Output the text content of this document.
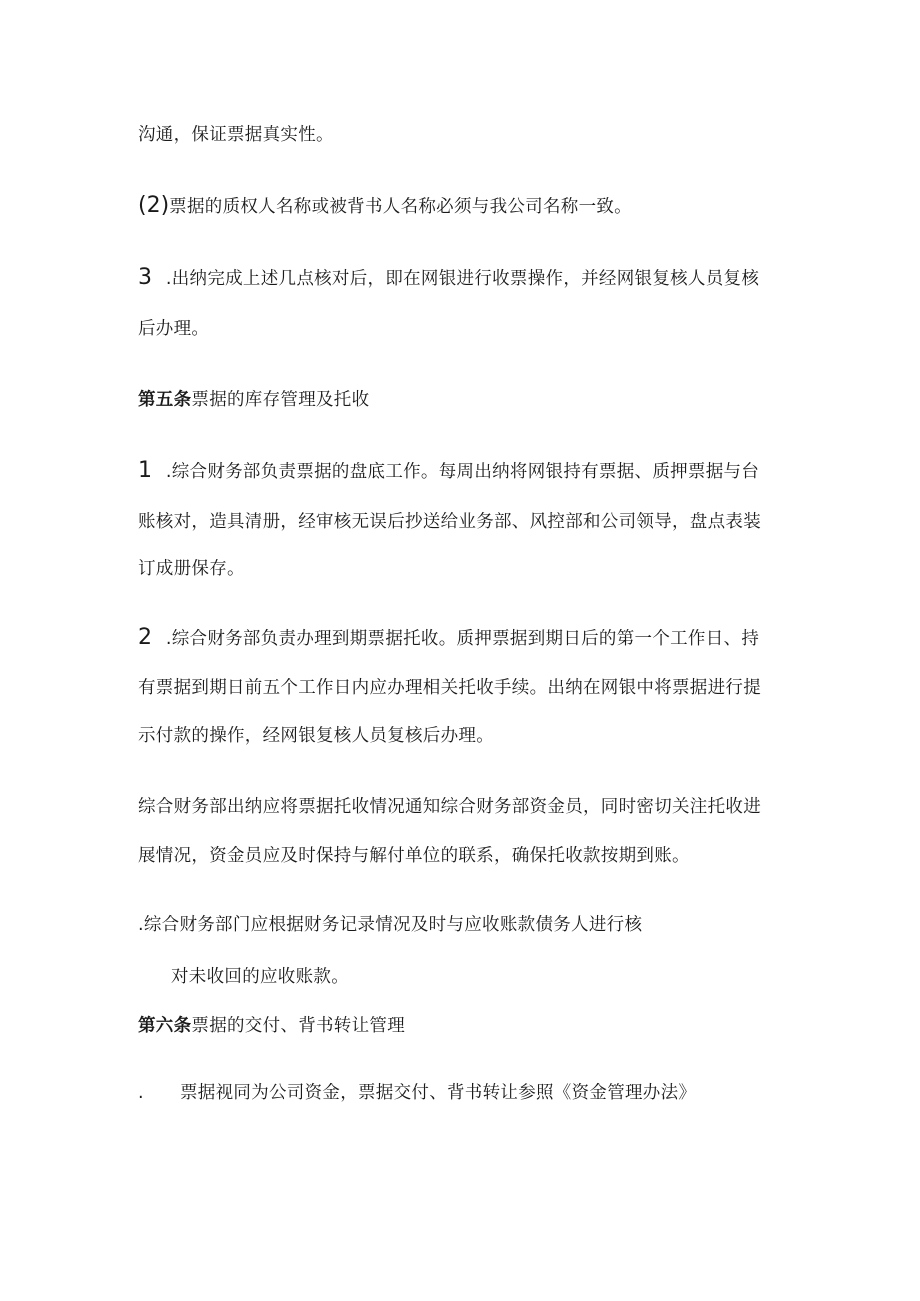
沟通，保证票据真实性。
(2)票据的质权人名称或被背书人名称必须与我公司名称一致。
3 .出纳完成上述几点核对后，即在网银进行收票操作，并经网银复核人员复核
后办理。
第五条票据的库存管理及托收
1 .综合财务部负责票据的盘底工作。每周出纳将网银持有票据、质押票据与台
账核对，造具清册，经审核无误后抄送给业务部、风控部和公司领导，盘点表装
订成册保存。
2 .综合财务部负责办理到期票据托收。质押票据到期日后的第一个工作日、持
有票据到期日前五个工作日内应办理相关托收手续。出纳在网银中将票据进行提
示付款的操作，经网银复核人员复核后办理。
综合财务部出纳应将票据托收情况通知综合财务部资金员，同时密切关注托收进
展情况，资金员应及时保持与解付单位的联系，确保托收款按期到账。
.综合财务部门应根据财务记录情况及时与应收账款债务人进行核
对未收回的应收账款。
第六条票据的交付、背书转让管理
. 票据视同为公司资金，票据交付、背书转让参照《资金管理办法》
